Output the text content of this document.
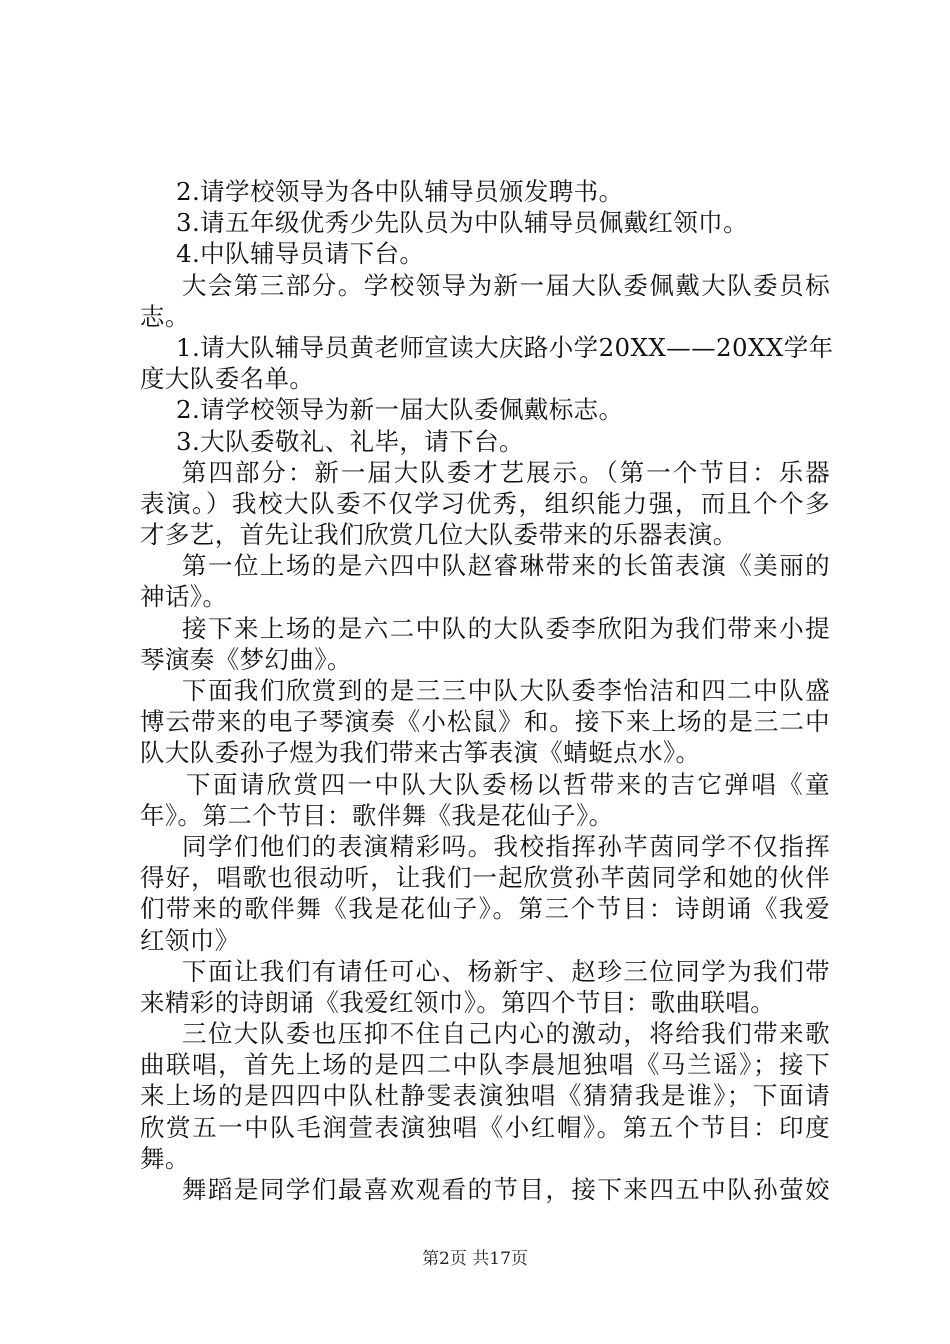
2.请学校领导为各中队辅导员颁发聘书。
3.请五年级优秀少先队员为中队辅导员佩戴红领巾。
4.中队辅导员请下台。
大会第三部分。学校领导为新一届大队委佩戴大队委员标
志。
1.请大队辅导员黄老师宣读大庆路小学20XX——20XX学年
度大队委名单。
2.请学校领导为新一届大队委佩戴标志。
3.大队委敬礼、礼毕，请下台。
第四部分：新一届大队委才艺展示。（第一个节目：乐器
表演。）我校大队委不仅学习优秀，组织能力强，而且个个多
才多艺，首先让我们欣赏几位大队委带来的乐器表演。
第一位上场的是六四中队赵睿琳带来的长笛表演《美丽的
神话》。
接下来上场的是六二中队的大队委李欣阳为我们带来小提
琴演奏《梦幻曲》。
下面我们欣赏到的是三三中队大队委李怡洁和四二中队盛
博云带来的电子琴演奏《小松鼠》和。接下来上场的是三二中
队大队委孙子煜为我们带来古筝表演《蜻蜓点水》。
下面请欣赏四一中队大队委杨以哲带来的吉它弹唱《童
年》。第二个节目：歌伴舞《我是花仙子》。
同学们他们的表演精彩吗。我校指挥孙芊茵同学不仅指挥
得好，唱歌也很动听，让我们一起欣赏孙芊茵同学和她的伙伴
们带来的歌伴舞《我是花仙子》。第三个节目：诗朗诵《我爱
红领巾》
下面让我们有请任可心、杨新宇、赵珍三位同学为我们带
来精彩的诗朗诵《我爱红领巾》。第四个节目：歌曲联唱。
三位大队委也压抑不住自己内心的激动，将给我们带来歌
曲联唱，首先上场的是四二中队李晨旭独唱《马兰谣》；接下
来上场的是四四中队杜静雯表演独唱《猜猜我是谁》；下面请
欣赏五一中队毛润萱表演独唱《小红帽》。第五个节目：印度
舞。
舞蹈是同学们最喜欢观看的节目，接下来四五中队孙萤姣
第2页 共17页
